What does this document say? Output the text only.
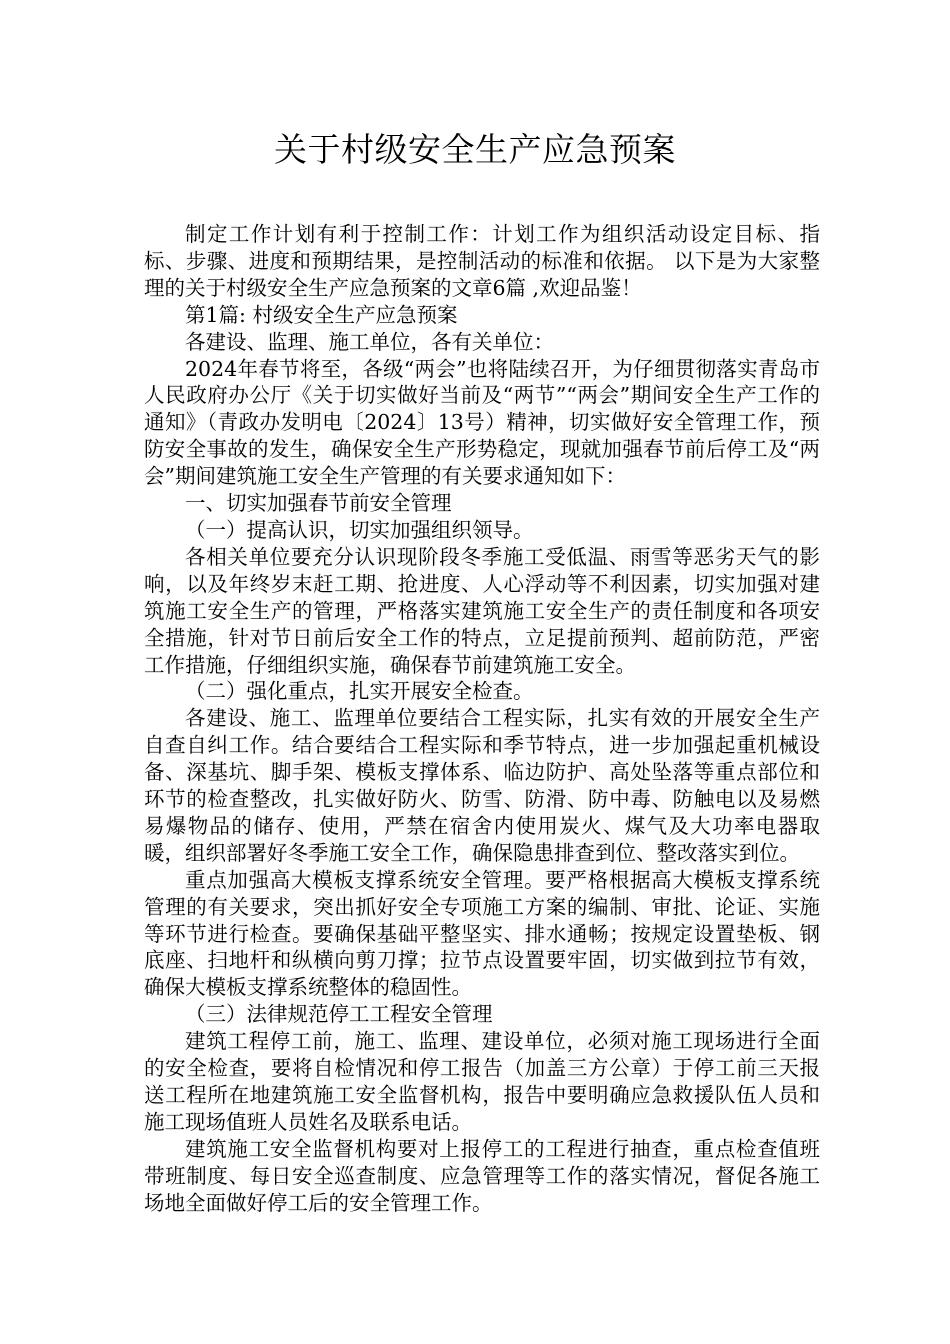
关于村级安全生产应急预案

制定工作计划有利于控制工作：计划工作为组织活动设定目标、指标、步骤、进度和预期结果，是控制活动的标准和依据。 以下是为大家整理的关于村级安全生产应急预案的文章6篇 ,欢迎品鉴！

第1篇: 村级安全生产应急预案

各建设、监理、施工单位，各有关单位：

2024年春节将至，各级“两会”也将陆续召开，为仔细贯彻落实青岛市人民政府办公厅《关于切实做好当前及“两节”“两会”期间安全生产工作的通知》（青政办发明电〔2024〕13号）精神，切实做好安全管理工作，预防安全事故的发生，确保安全生产形势稳定，现就加强春节前后停工及“两会”期间建筑施工安全生产管理的有关要求通知如下：

一、切实加强春节前安全管理

（一）提高认识，切实加强组织领导。

各相关单位要充分认识现阶段冬季施工受低温、雨雪等恶劣天气的影响，以及年终岁末赶工期、抢进度、人心浮动等不利因素，切实加强对建筑施工安全生产的管理，严格落实建筑施工安全生产的责任制度和各项安全措施，针对节日前后安全工作的特点，立足提前预判、超前防范，严密工作措施，仔细组织实施，确保春节前建筑施工安全。

（二）强化重点，扎实开展安全检查。

各建设、施工、监理单位要结合工程实际，扎实有效的开展安全生产自查自纠工作。结合要结合工程实际和季节特点，进一步加强起重机械设备、深基坑、脚手架、模板支撑体系、临边防护、高处坠落等重点部位和环节的检查整改，扎实做好防火、防雪、防滑、防中毒、防触电以及易燃易爆物品的储存、使用，严禁在宿舍内使用炭火、煤气及大功率电器取暖，组织部署好冬季施工安全工作，确保隐患排查到位、整改落实到位。

重点加强高大模板支撑系统安全管理。要严格根据高大模板支撑系统管理的有关要求，突出抓好安全专项施工方案的编制、审批、论证、实施等环节进行检查。要确保基础平整坚实、排水通畅；按规定设置垫板、钢底座、扫地杆和纵横向剪刀撑；拉节点设置要牢固，切实做到拉节有效，确保大模板支撑系统整体的稳固性。

（三）法律规范停工工程安全管理

建筑工程停工前，施工、监理、建设单位，必须对施工现场进行全面的安全检查，要将自检情况和停工报告（加盖三方公章）于停工前三天报送工程所在地建筑施工安全监督机构，报告中要明确应急救援队伍人员和施工现场值班人员姓名及联系电话。

建筑施工安全监督机构要对上报停工的工程进行抽查，重点检查值班带班制度、每日安全巡查制度、应急管理等工作的落实情况，督促各施工场地全面做好停工后的安全管理工作。
